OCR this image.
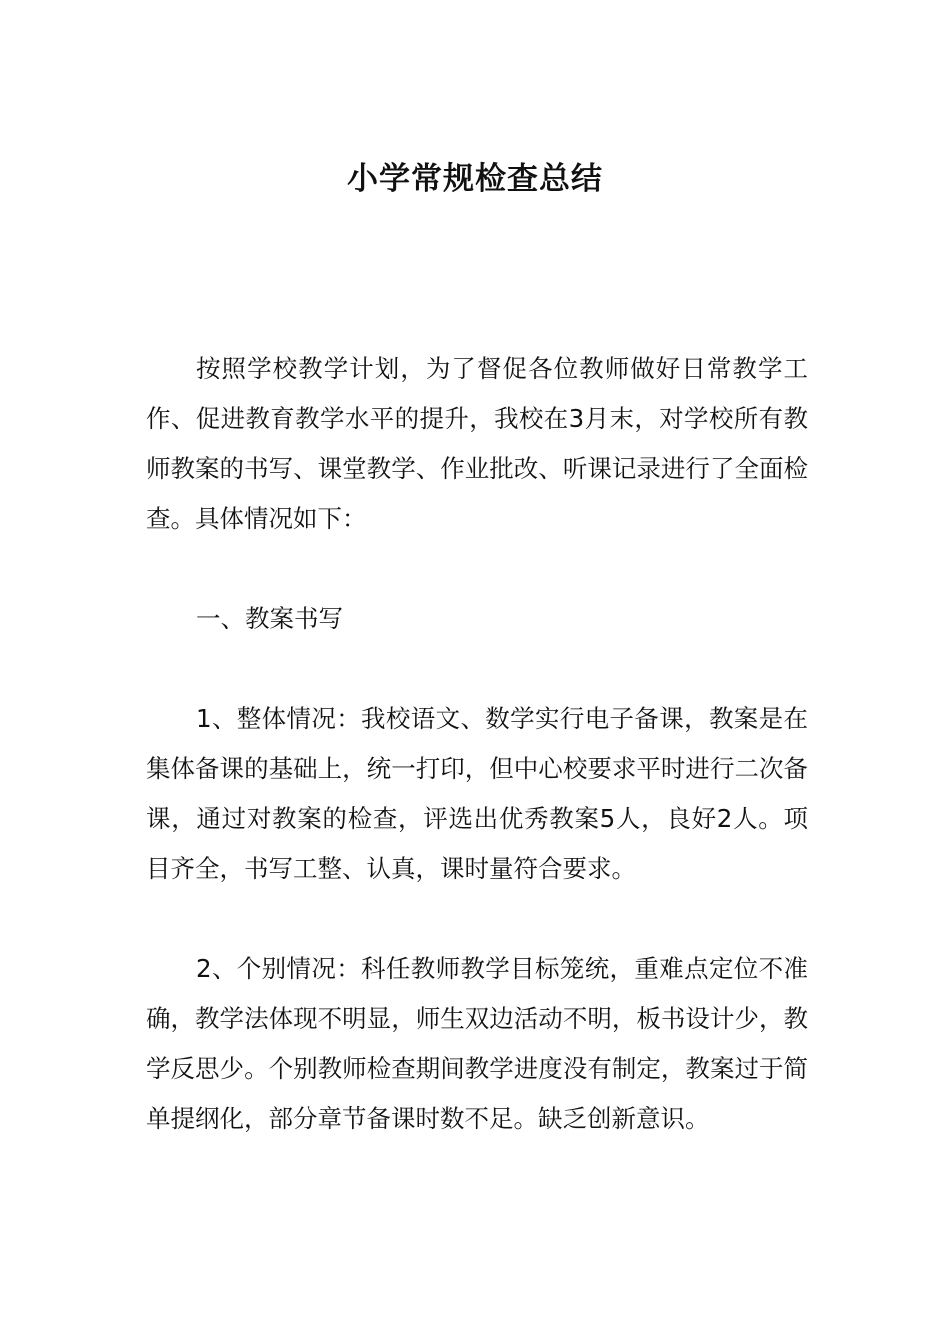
小学常规检查总结

按照学校教学计划，为了督促各位教师做好日常教学工作、促进教育教学水平的提升，我校在3月末，对学校所有教师教案的书写、课堂教学、作业批改、听课记录进行了全面检查。具体情况如下：

一、教案书写

1、整体情况：我校语文、数学实行电子备课，教案是在集体备课的基础上，统一打印，但中心校要求平时进行二次备课，通过对教案的检查，评选出优秀教案5人，良好2人。项目齐全，书写工整、认真，课时量符合要求。

2、个别情况：科任教师教学目标笼统，重难点定位不准确，教学法体现不明显，师生双边活动不明，板书设计少，教学反思少。个别教师检查期间教学进度没有制定，教案过于简单提纲化，部分章节备课时数不足。缺乏创新意识。
